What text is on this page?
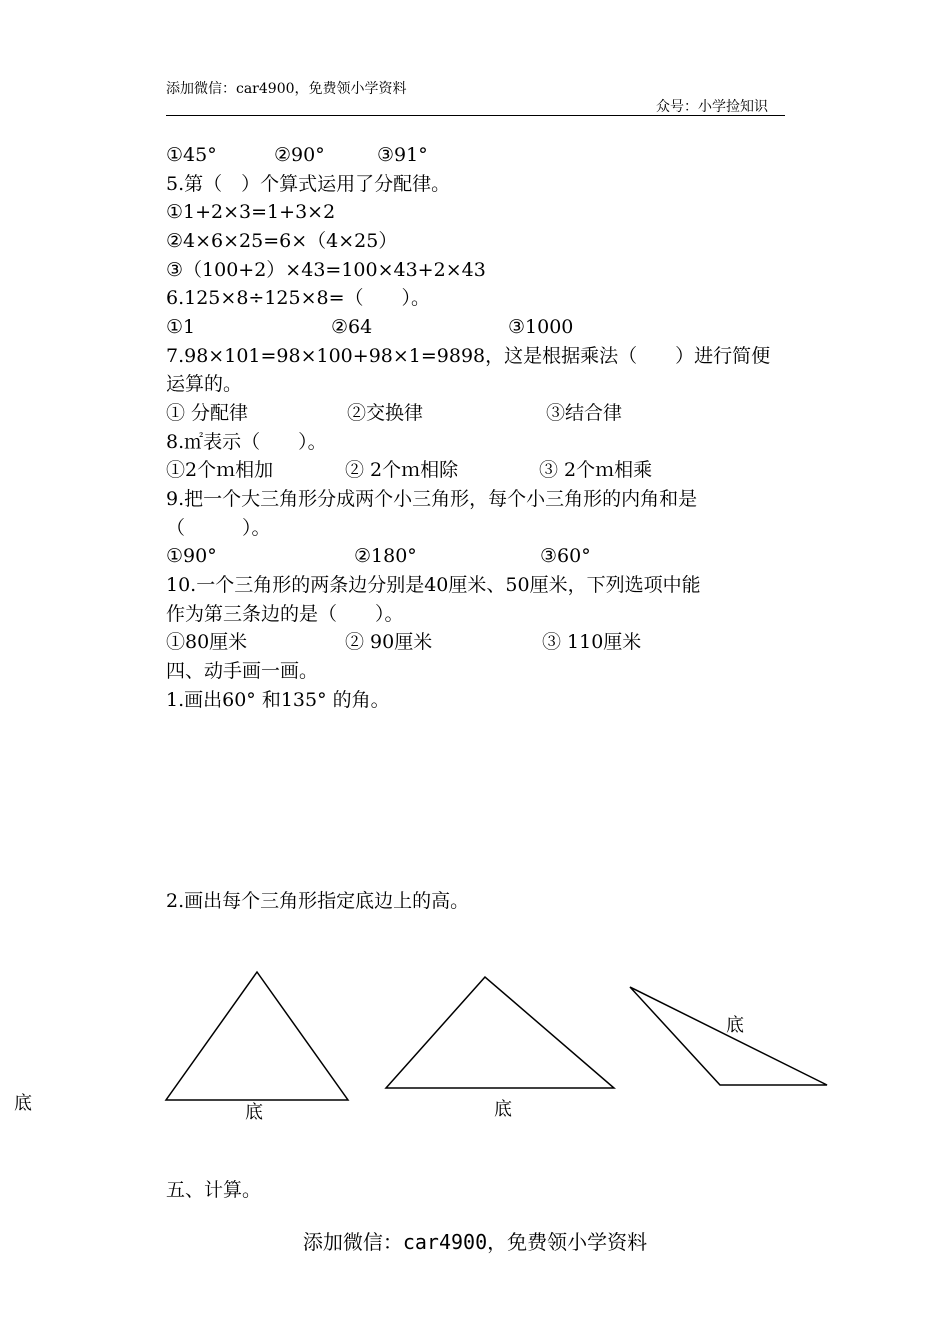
添加微信：car4900，免费领小学资料
众号：小学捡知识
①45°	②90°	③91°
5.第（　）个算式运用了分配律。
①1+2×3=1+3×2
②4×6×25=6×（4×25）
③（100+2）×43=100×43+2×43
6.125×8÷125×8=（　　）。
①1	②64	③1000
7.98×101=98×100+98×1=9898，这是根据乘法（　　）进行简便
运算的。
① 分配律	②交换律	③结合律
8.㎡表示（　　）。
①2个ｍ相加	② 2个ｍ相除	③ 2个ｍ相乘
9.把一个大三角形分成两个小三角形，每个小三角形的内角和是
（　　　）。
①90°	②180°	③60°
10.一个三角形的两条边分别是40厘米、50厘米，下列选项中能
作为第三条边的是（　　）。
①80厘米	② 90厘米	③ 110厘米
四、动手画一画。
1.画出60° 和135° 的角。
2.画出每个三角形指定底边上的高。
底	底
底
底
五、计算。
添加微信：car4900，免费领小学资料
